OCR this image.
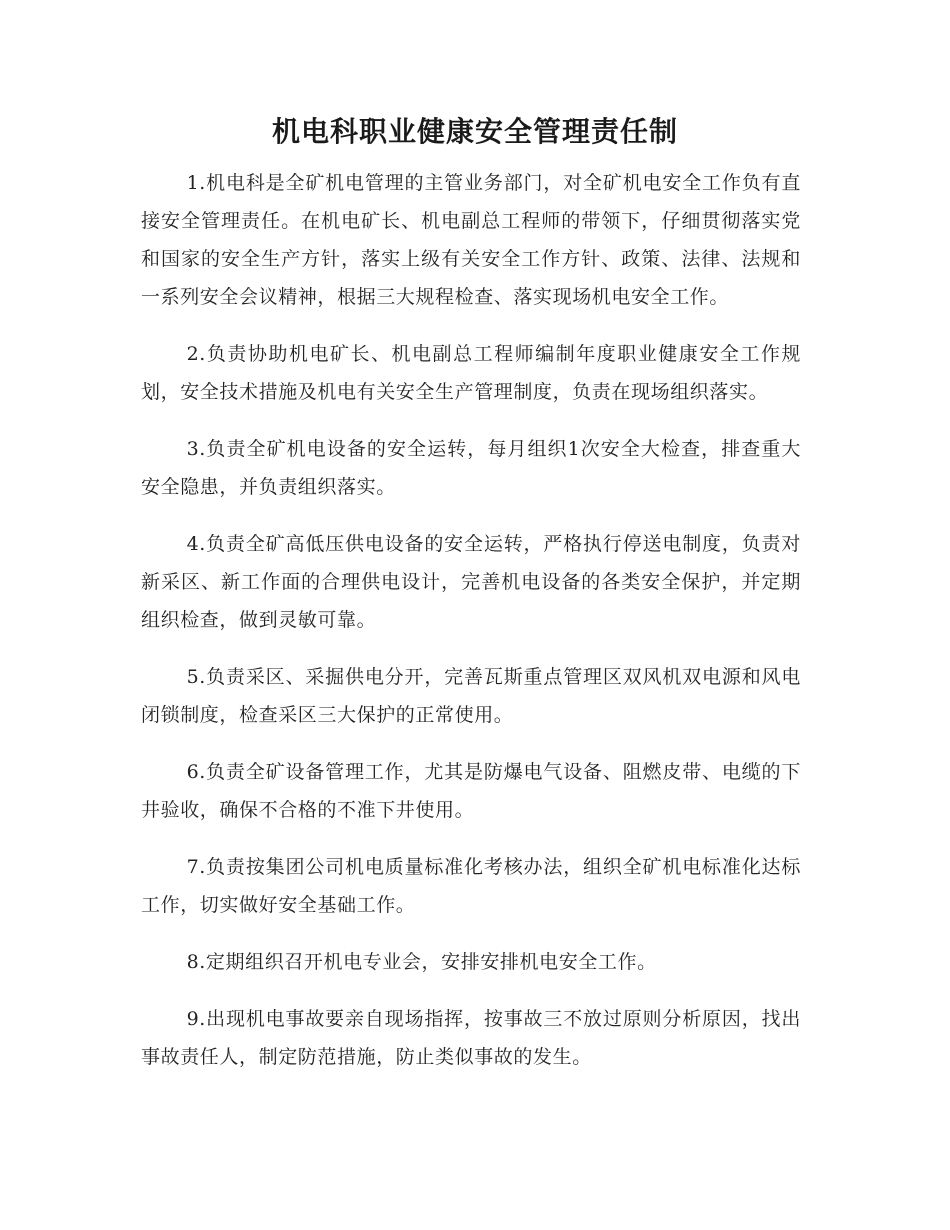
机电科职业健康安全管理责任制

1.机电科是全矿机电管理的主管业务部门，对全矿机电安全工作负有直接安全管理责任。在机电矿长、机电副总工程师的带领下，仔细贯彻落实党和国家的安全生产方针，落实上级有关安全工作方针、政策、法律、法规和一系列安全会议精神，根据三大规程检查、落实现场机电安全工作。

2.负责协助机电矿长、机电副总工程师编制年度职业健康安全工作规划，安全技术措施及机电有关安全生产管理制度，负责在现场组织落实。

3.负责全矿机电设备的安全运转，每月组织1次安全大检查，排查重大安全隐患，并负责组织落实。

4.负责全矿高低压供电设备的安全运转，严格执行停送电制度，负责对新采区、新工作面的合理供电设计，完善机电设备的各类安全保护，并定期组织检查，做到灵敏可靠。

5.负责采区、采掘供电分开，完善瓦斯重点管理区双风机双电源和风电闭锁制度，检查采区三大保护的正常使用。

6.负责全矿设备管理工作，尤其是防爆电气设备、阻燃皮带、电缆的下井验收，确保不合格的不准下井使用。

7.负责按集团公司机电质量标准化考核办法，组织全矿机电标准化达标工作，切实做好安全基础工作。

8.定期组织召开机电专业会，安排安排机电安全工作。

9.出现机电事故要亲自现场指挥，按事故三不放过原则分析原因，找出事故责任人，制定防范措施，防止类似事故的发生。
